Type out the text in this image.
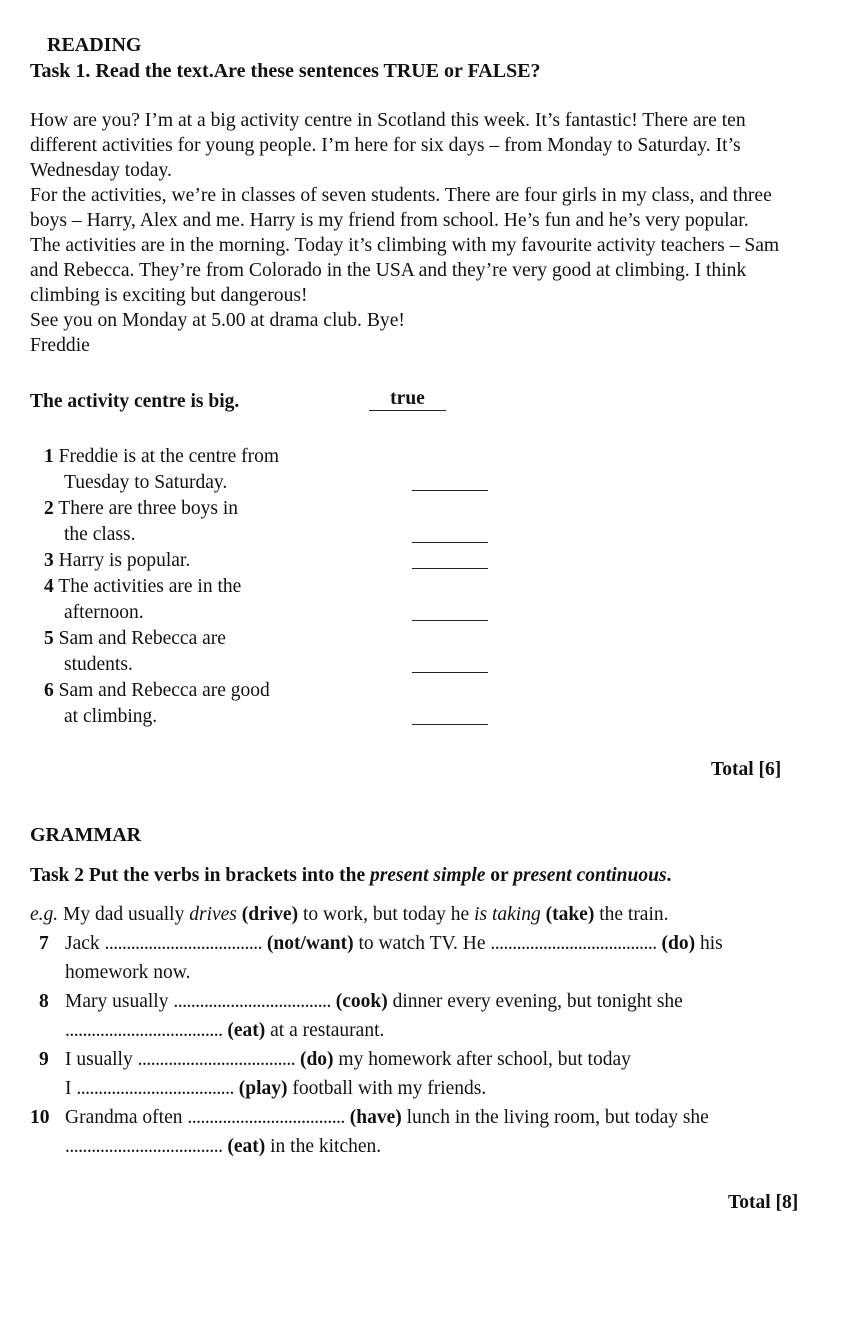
READING
Task 1. Read the text.Are these sentences TRUE or FALSE?
How are you? I’m at a big activity centre in Scotland this week. It’s fantastic! There are ten
different activities for young people. I’m here for six days – from Monday to Saturday. It’s
Wednesday today.
For the activities, we’re in classes of seven students. There are four girls in my class, and three
boys – Harry, Alex and me. Harry is my friend from school. He’s fun and he’s very popular.
The activities are in the morning. Today it’s climbing with my favourite activity teachers – Sam
and Rebecca. They’re from Colorado in the USA and they’re very good at climbing. I think
climbing is exciting but dangerous!
See you on Monday at 5.00 at drama club. Bye!
Freddie
The activity centre is big.	true
1 Freddie is at the centre from
Tuesday to Saturday.
2 There are three boys in
the class.
3 Harry is popular.
4 The activities are in the
afternoon.
5 Sam and Rebecca are
students.
6 Sam and Rebecca are good
at climbing.
Total [6]
GRAMMAR
Task 2 Put the verbs in brackets into the present simple or present continuous.
e.g. My dad usually drives (drive) to work, but today he is taking (take) the train.
7 Jack .................................... (not/want) to watch TV. He ...................................... (do) his
homework now.
8 Mary usually .................................... (cook) dinner every evening, but tonight she
.................................... (eat) at a restaurant.
9 I usually .................................... (do) my homework after school, but today
I .................................... (play) football with my friends.
10 Grandma often .................................... (have) lunch in the living room, but today she
.................................... (eat) in the kitchen.
Total [8]
